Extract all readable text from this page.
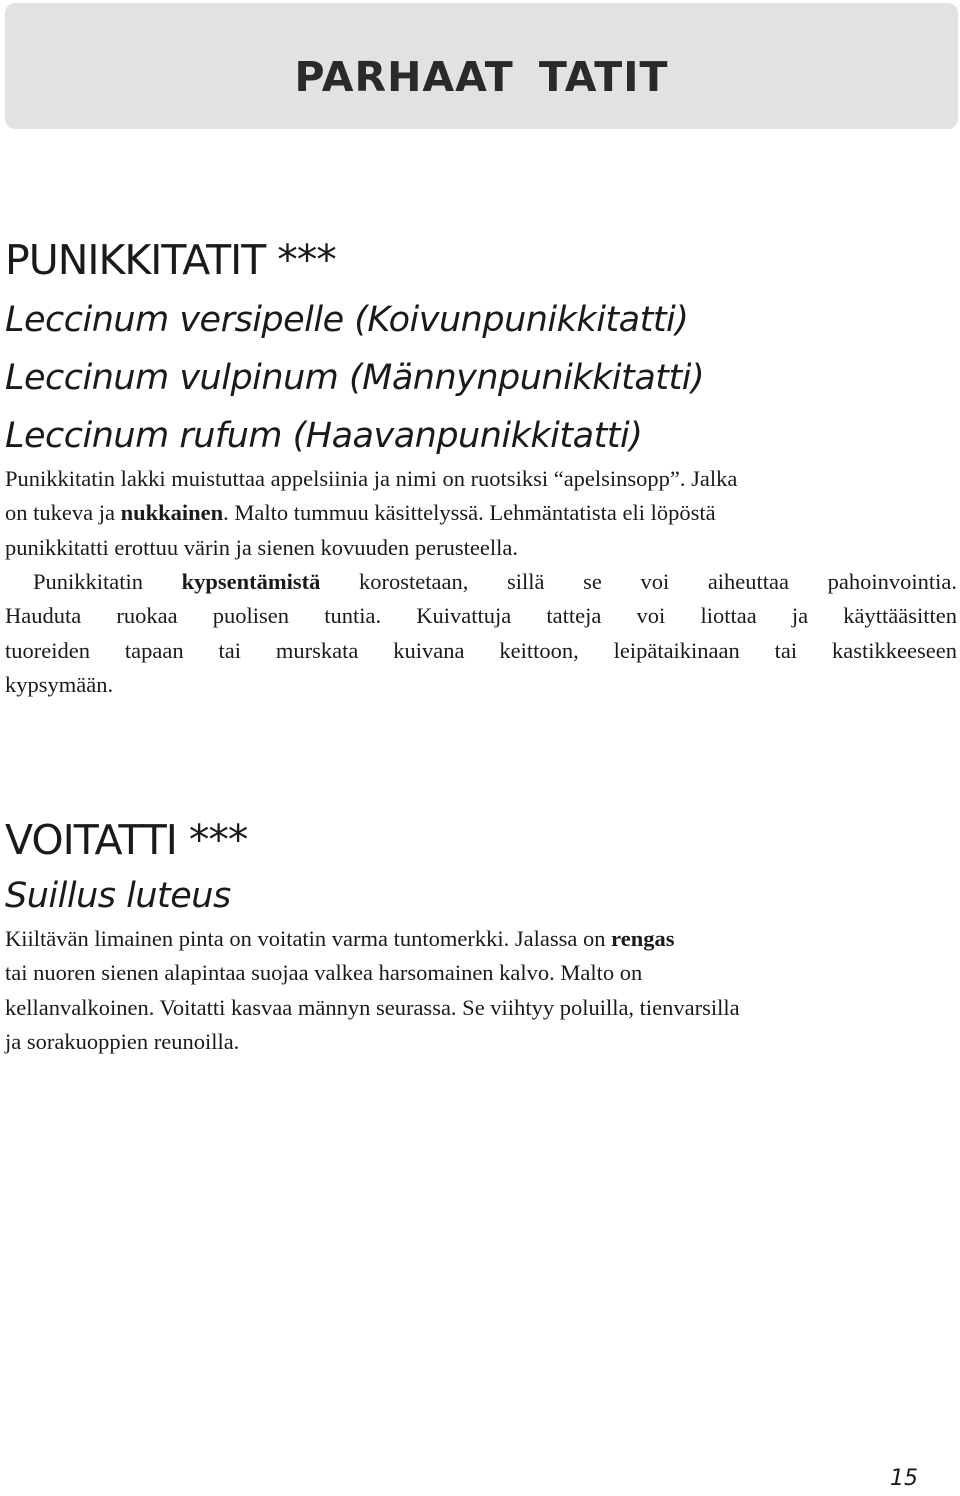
PARHAAT TATIT
PUNIKKITATIT ***
Leccinum versipelle (Koivunpunikkitatti)
Leccinum vulpinum (Männynpunikkitatti)
Leccinum rufum (Haavanpunikkitatti)
Punikkitatin lakki muistuttaa appelsiinia ja nimi on ruotsiksi “apelsinsopp”. Jalka
on tukeva ja nukkainen. Malto tummuu käsittelyssä. Lehmäntatista eli löpöstä
punikkitatti erottuu värin ja sienen kovuuden perusteella.
Punikkitatin kypsentämistä korostetaan, sillä se voi aiheuttaa pahoinvointia.
Hauduta ruokaa puolisen tuntia. Kuivattuja tatteja voi liottaa ja käyttääsitten
tuoreiden tapaan tai murskata kuivana keittoon, leipätaikinaan tai kastikkeeseen
kypsymään.
VOITATTI ***
Suillus luteus
Kiiltävän limainen pinta on voitatin varma tuntomerkki. Jalassa on rengas
tai nuoren sienen alapintaa suojaa valkea harsomainen kalvo. Malto on
kellanvalkoinen. Voitatti kasvaa männyn seurassa. Se viihtyy poluilla, tienvarsilla
ja sorakuoppien reunoilla.
15
